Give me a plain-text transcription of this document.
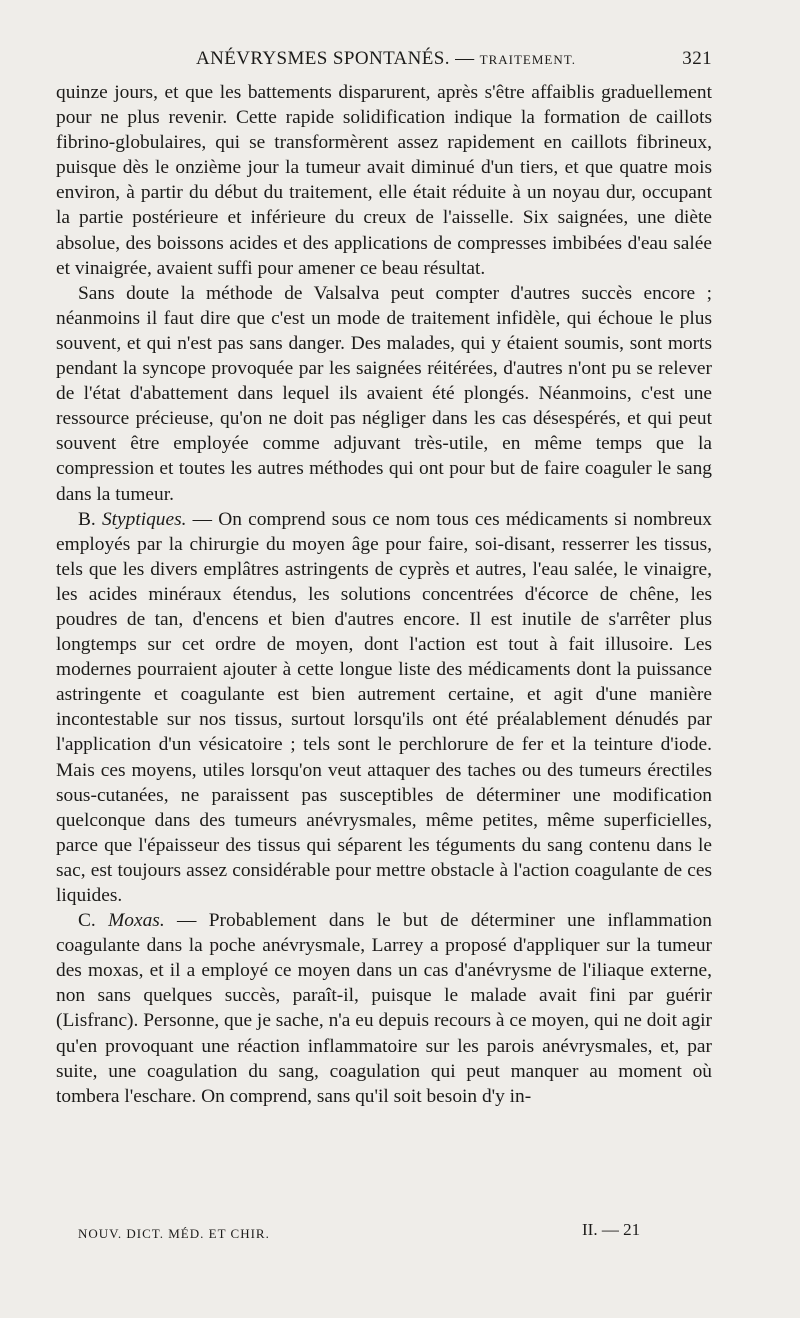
ANÉVRYSMES SPONTANÉS. — TRAITEMENT.	321

quinze jours, et que les battements disparurent, après s'être affaiblis graduellement pour ne plus revenir. Cette rapide solidification indique la formation de caillots fibrino-globulaires, qui se transformèrent assez rapidement en caillots fibrineux, puisque dès le onzième jour la tumeur avait diminué d'un tiers, et que quatre mois environ, à partir du début du traitement, elle était réduite à un noyau dur, occupant la partie postérieure et inférieure du creux de l'aisselle. Six saignées, une diète absolue, des boissons acides et des applications de compresses imbibées d'eau salée et vinaigrée, avaient suffi pour amener ce beau résultat.

Sans doute la méthode de Valsalva peut compter d'autres succès encore ; néanmoins il faut dire que c'est un mode de traitement infidèle, qui échoue le plus souvent, et qui n'est pas sans danger. Des malades, qui y étaient soumis, sont morts pendant la syncope provoquée par les saignées réitérées, d'autres n'ont pu se relever de l'état d'abattement dans lequel ils avaient été plongés. Néanmoins, c'est une ressource précieuse, qu'on ne doit pas négliger dans les cas désespérés, et qui peut souvent être employée comme adjuvant très-utile, en même temps que la compression et toutes les autres méthodes qui ont pour but de faire coaguler le sang dans la tumeur.

B. Styptiques. — On comprend sous ce nom tous ces médicaments si nombreux employés par la chirurgie du moyen âge pour faire, soi-disant, resserrer les tissus, tels que les divers emplâtres astringents de cyprès et autres, l'eau salée, le vinaigre, les acides minéraux étendus, les solutions concentrées d'écorce de chêne, les poudres de tan, d'encens et bien d'autres encore. Il est inutile de s'arrêter plus longtemps sur cet ordre de moyen, dont l'action est tout à fait illusoire. Les modernes pourraient ajouter à cette longue liste des médicaments dont la puissance astringente et coagulante est bien autrement certaine, et agit d'une manière incontestable sur nos tissus, surtout lorsqu'ils ont été préalablement dénudés par l'application d'un vésicatoire ; tels sont le perchlorure de fer et la teinture d'iode. Mais ces moyens, utiles lorsqu'on veut attaquer des taches ou des tumeurs érectiles sous-cutanées, ne paraissent pas susceptibles de déterminer une modification quelconque dans des tumeurs anévrysmales, même petites, même superficielles, parce que l'épaisseur des tissus qui séparent les téguments du sang contenu dans le sac, est toujours assez considérable pour mettre obstacle à l'action coagulante de ces liquides.

C. Moxas. — Probablement dans le but de déterminer une inflammation coagulante dans la poche anévrysmale, Larrey a proposé d'appliquer sur la tumeur des moxas, et il a employé ce moyen dans un cas d'anévrysme de l'iliaque externe, non sans quelques succès, paraît-il, puisque le malade avait fini par guérir (Lisfranc). Personne, que je sache, n'a eu depuis recours à ce moyen, qui ne doit agir qu'en provoquant une réaction inflammatoire sur les parois anévrysmales, et, par suite, une coagulation du sang, coagulation qui peut manquer au moment où tombera l'eschare. On comprend, sans qu'il soit besoin d'y in-

NOUV. DICT. MÉD. ET CHIR.	II. — 21
